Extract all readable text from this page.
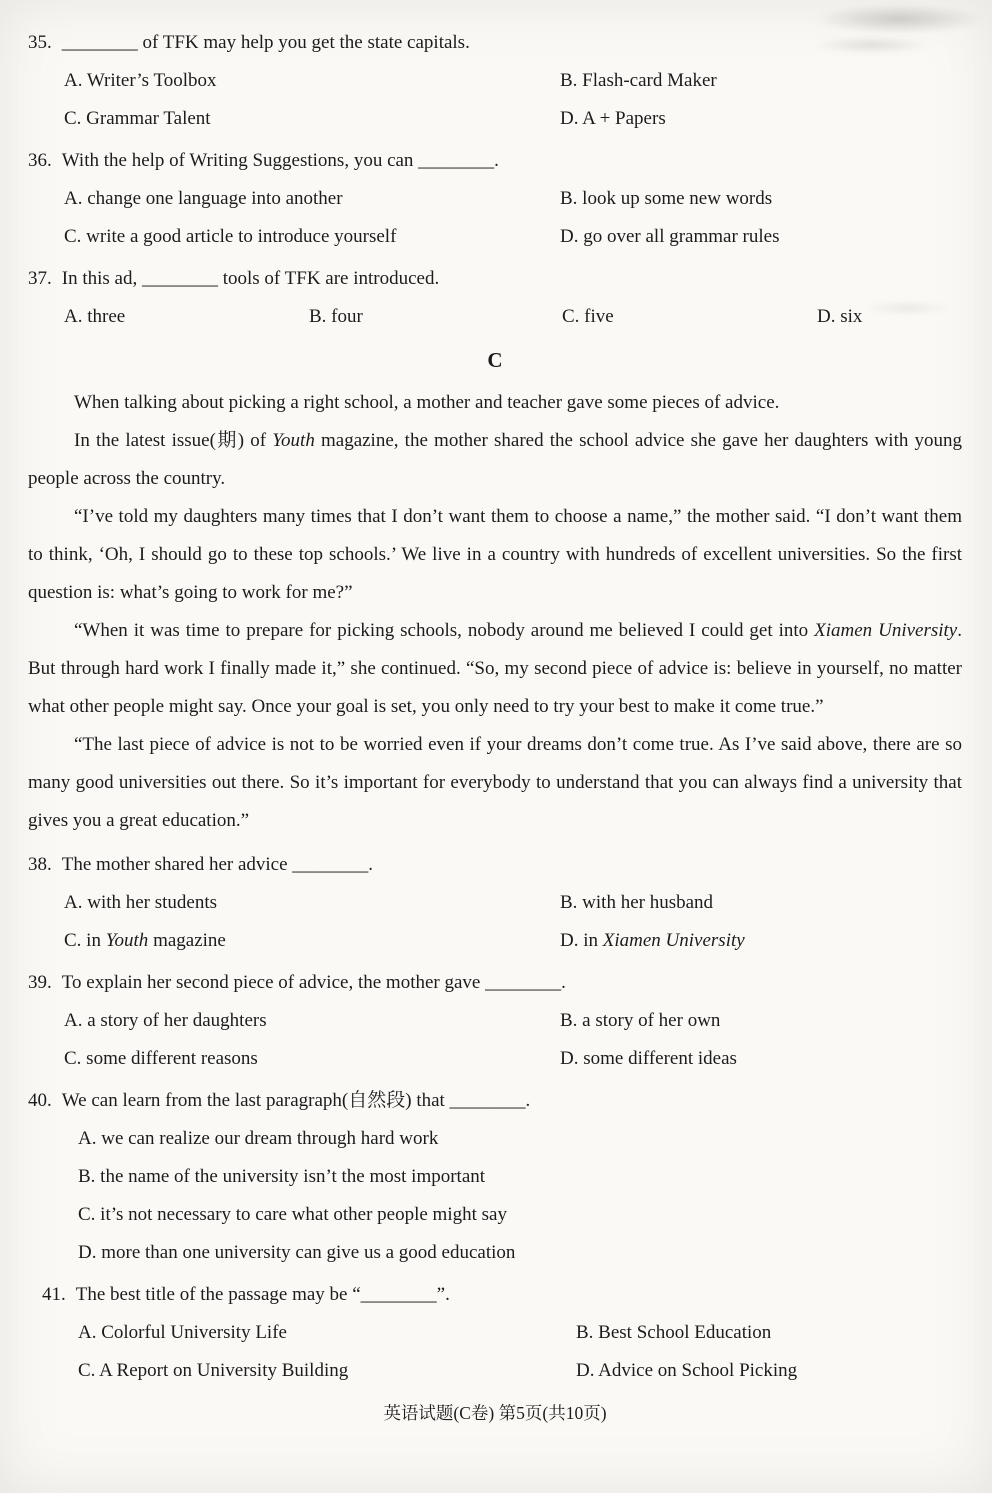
35. ________ of TFK may help you get the state capitals.

A. Writer’s Toolbox	B. Flash-card Maker
C. Grammar Talent	D. A + Papers

36. With the help of Writing Suggestions, you can ________.

A. change one language into another	B. look up some new words
C. write a good article to introduce yourself	D. go over all grammar rules

37. In this ad, ________ tools of TFK are introduced.

A. three	B. four	C. five	D. six
C

When talking about picking a right school, a mother and teacher gave some pieces of advice.

In the latest issue(期) of Youth magazine, the mother shared the school advice she gave her daughters with young people across the country.

“I’ve told my daughters many times that I don’t want them to choose a name,” the mother said. “I don’t want them to think, ‘Oh, I should go to these top schools.’ We live in a country with hundreds of excellent universities. So the first question is: what’s going to work for me?”

“When it was time to prepare for picking schools, nobody around me believed I could get into Xiamen University. But through hard work I finally made it,” she continued. “So, my second piece of advice is: believe in yourself, no matter what other people might say. Once your goal is set, you only need to try your best to make it come true.”

“The last piece of advice is not to be worried even if your dreams don’t come true. As I’ve said above, there are so many good universities out there. So it’s important for everybody to understand that you can always find a university that gives you a great education.”

38. The mother shared her advice ________.

A. with her students	B. with her husband
C. in Youth magazine	D. in Xiamen University

39. To explain her second piece of advice, the mother gave ________.

A. a story of her daughters	B. a story of her own
C. some different reasons	D. some different ideas

40. We can learn from the last paragraph(自然段) that ________.

A. we can realize our dream through hard work
B. the name of the university isn’t the most important
C. it’s not necessary to care what other people might say
D. more than one university can give us a good education

41. The best title of the passage may be “________”.

A. Colorful University Life	B. Best School Education
C. A Report on University Building	D. Advice on School Picking
英语试题(C卷) 第5页(共10页)
